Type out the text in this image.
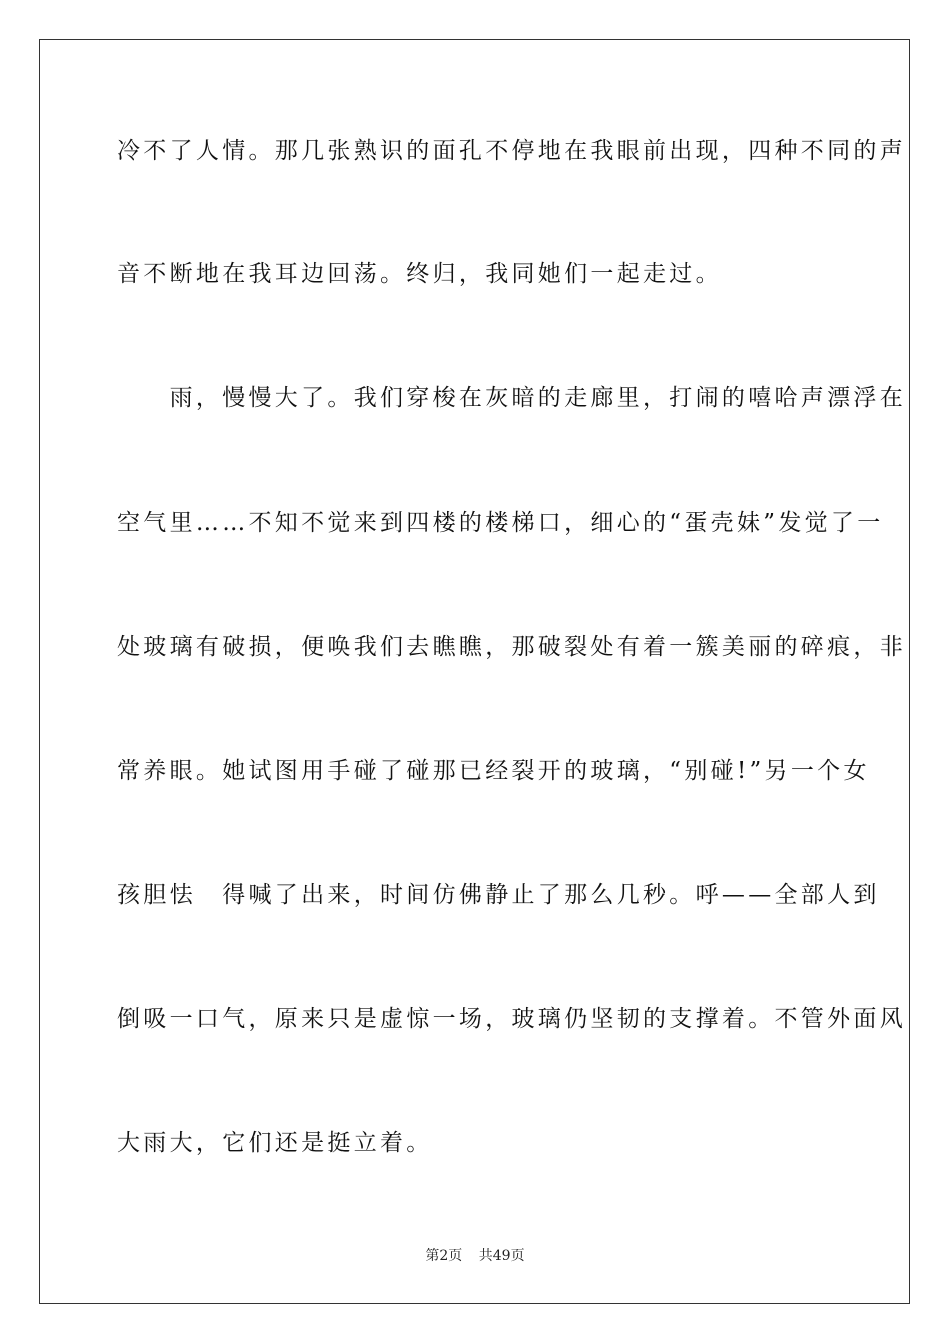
冷不了人情。那几张熟识的面孔不停地在我眼前出现，四种不同的声
音不断地在我耳边回荡。终归，我同她们一起走过。
　　雨，慢慢大了。我们穿梭在灰暗的走廊里，打闹的嘻哈声漂浮在
空气里……不知不觉来到四楼的楼梯口，细心的“蛋壳妹”发觉了一
处玻璃有破损，便唤我们去瞧瞧，那破裂处有着一簇美丽的碎痕，非
常养眼。她试图用手碰了碰那已经裂开的玻璃，“别碰!”另一个女
孩胆怯　得喊了出来，时间仿佛静止了那么几秒。呼——全部人到
倒吸一口气，原来只是虚惊一场，玻璃仍坚韧的支撑着。不管外面风
大雨大，它们还是挺立着。
第2页 共49页
